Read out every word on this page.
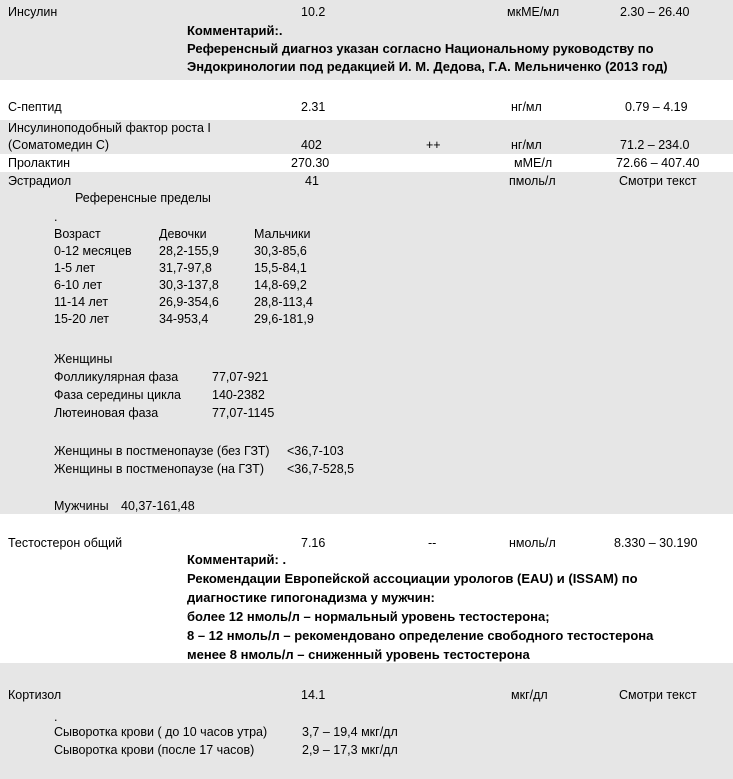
Инсулин	10.2	мкМЕ/мл	2.30 – 26.40
Комментарий:.
Референсный диагноз указан согласно Национальному руководству по
Эндокринологии под редакцией И. М. Дедова, Г.А. Мельниченко (2013 год)
С-пептид	2.31	нг/мл	0.79 – 4.19
Инсулиноподобный фактор роста I
(Соматомедин С)	402	++	нг/мл	71.2 – 234.0
Пролактин	270.30	мМЕ/л	72.66 – 407.40
Эстрадиол	41	пмоль/л	Смотри текст
Референсные пределы
.
Возраст	Девочки	Мальчики
0-12 месяцев 28,2-155,9	30,3-85,6
1-5 лет	31,7-97,8	15,5-84,1
6-10 лет	30,3-137,8	14,8-69,2
11-14 лет	26,9-354,6	28,8-113,4
15-20 лет	34-953,4	29,6-181,9
Женщины
Фолликулярная фаза	77,07-921
Фаза середины цикла 140-2382
Лютеиновая фаза	77,07-1145
Женщины в постменопаузе (без ГЗТ) <36,7-103
Женщины в постменопаузе (на ГЗТ) <36,7-528,5
Мужчины 40,37-161,48
Тестостерон общий	7.16	--	нмоль/л	8.330 – 30.190
Комментарий: .
Рекомендации Европейской ассоциации урологов (EAU) и (ISSAM) по
диагностике гипогонадизма у мужчин:
более 12 нмоль/л – нормальный уровень тестостерона;
8 – 12 нмоль/л – рекомендовано определение свободного тестостерона
менее 8 нмоль/л – сниженный уровень тестостерона
Кортизол	14.1	мкг/дл	Смотри текст
.
Сыворотка крови ( до 10 часов утра)	3,7 – 19,4 мкг/дл
Сыворотка крови (после 17 часов)	2,9 – 17,3 мкг/дл
